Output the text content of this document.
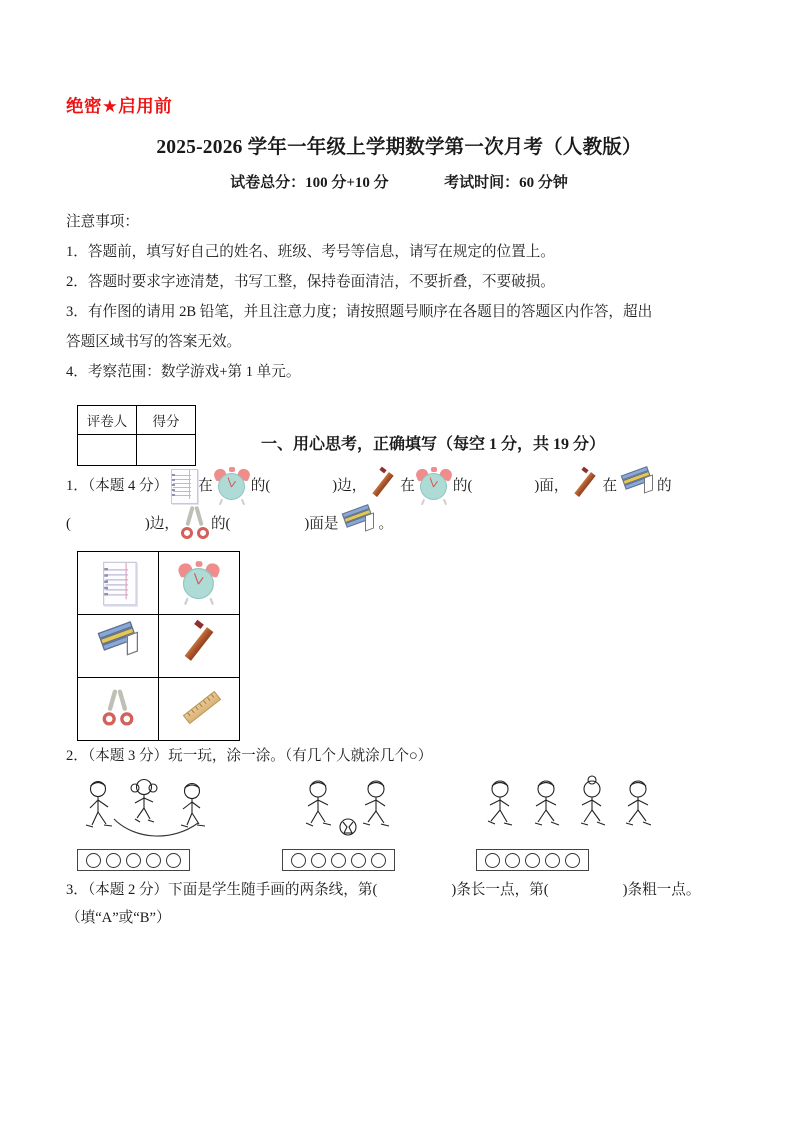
绝密★启用前
2025-2026 学年一年级上学期数学第一次月考（人教版）
试卷总分：100 分+10 分	考试时间：60 分钟
注意事项：
1．答题前，填写好自己的姓名、班级、考号等信息，请写在规定的位置上。
2．答题时要求字迹清楚，书写工整，保持卷面清洁，不要折叠，不要破损。
3．有作图的请用 2B 铅笔，并且注意力度；请按照题号顺序在各题目的答题区内作答，超出
答题区域书写的答案无效。
4．考察范围：数学游戏+第 1 单元。
评卷人	得分

一、用心思考，正确填写（每空 1 分，共 19 分）
1．（本题 4 分） 在	的(	)边， 在	的(	)面， 在	的
(	)边， 的(	)面是	。

2．（本题 3 分）玩一玩，涂一涂。（有几个人就涂几个○）
3．（本题 2 分）下面是学生随手画的两条线，第(	)条长一点，第(	)条粗一点。
（填“A”或“B”）
